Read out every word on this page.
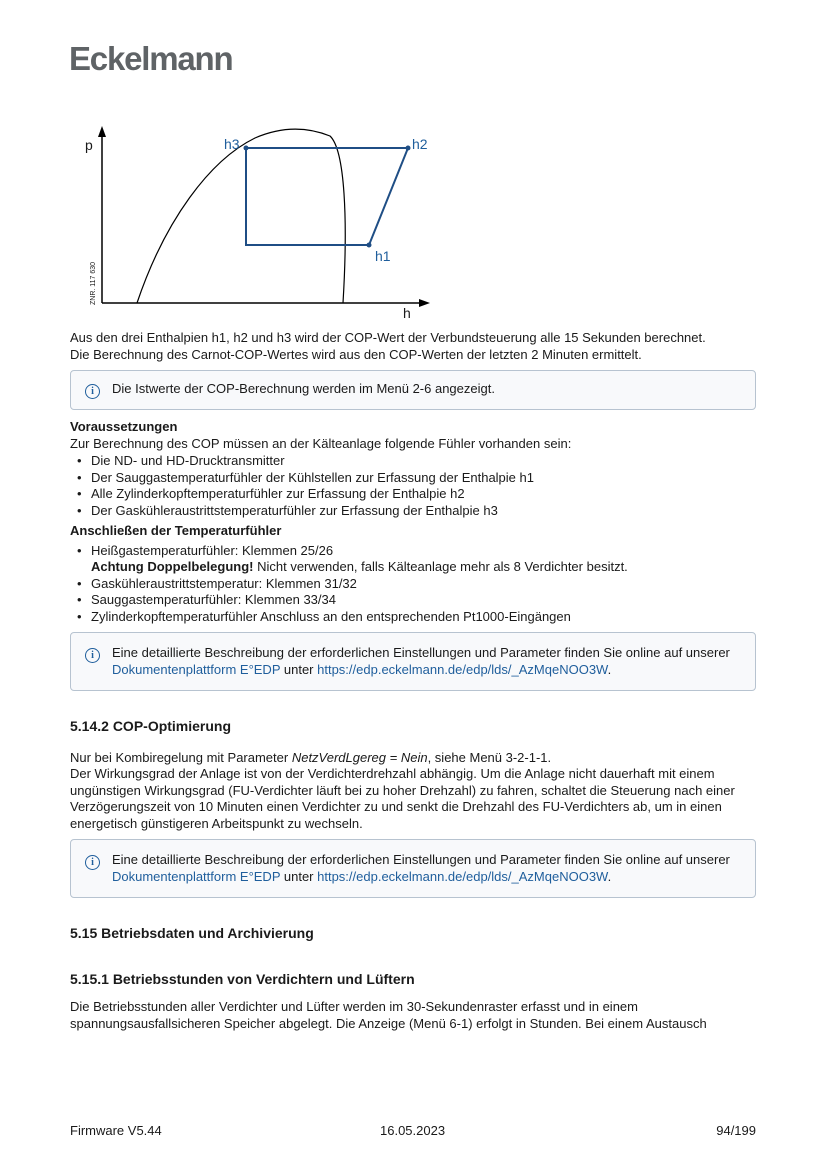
Eckelmann
p
h
h3	h2
h1
ZNR. 117 630

Aus den drei Enthalpien h1, h2 und h3 wird der COP-Wert der Verbundsteuerung alle 15 Sekunden berechnet.

Die Berechnung des Carnot-COP-Wertes wird aus den COP-Werten der letzten 2 Minuten ermittelt.

i	Die Istwerte der COP-Berechnung werden im Menü 2-6 angezeigt.

Voraussetzungen

Zur Berechnung des COP müssen an der Kälteanlage folgende Fühler vorhanden sein:

• Die ND- und HD-Drucktransmitter
• Der Sauggastemperaturfühler der Kühlstellen zur Erfassung der Enthalpie h1
• Alle Zylinderkopftemperaturfühler zur Erfassung der Enthalpie h2
• Der Gaskühleraustrittstemperaturfühler zur Erfassung der Enthalpie h3

Anschließen der Temperaturfühler

• Heißgastemperaturfühler: Klemmen 25/26
Achtung Doppelbelegung! Nicht verwenden, falls Kälteanlage mehr als 8 Verdichter besitzt.
• Gaskühleraustrittstemperatur: Klemmen 31/32
• Sauggastemperaturfühler: Klemmen 33/34
• Zylinderkopftemperaturfühler Anschluss an den entsprechenden Pt1000-Eingängen
i	Eine detaillierte Beschreibung der erforderlichen Einstellungen und Parameter finden Sie online auf unserer Dokumentenplattform E°EDP unter https://edp.eckelmann.de/edp/lds/_AzMqeNOO3W.
5.14.2 COP-Optimierung

Nur bei Kombiregelung mit Parameter NetzVerdLgereg = Nein, siehe Menü 3-2-1-1.

Der Wirkungsgrad der Anlage ist von der Verdichterdrehzahl abhängig. Um die Anlage nicht dauerhaft mit einem ungünstigen Wirkungsgrad (FU-Verdichter läuft bei zu hoher Drehzahl) zu fahren, schaltet die Steuerung nach einer Verzögerungszeit von 10 Minuten einen Verdichter zu und senkt die Drehzahl des FU-Verdichters ab, um in einen energetisch günstigeren Arbeitspunkt zu wechseln.

i	Eine detaillierte Beschreibung der erforderlichen Einstellungen und Parameter finden Sie online auf unserer Dokumentenplattform E°EDP unter https://edp.eckelmann.de/edp/lds/_AzMqeNOO3W.
5.15 Betriebsdaten und Archivierung
5.15.1 Betriebsstunden von Verdichtern und Lüftern

Die Betriebsstunden aller Verdichter und Lüfter werden im 30-Sekundenraster erfasst und in einem spannungsausfallsicheren Speicher abgelegt. Die Anzeige (Menü 6-1) erfolgt in Stunden. Bei einem Austausch

Firmware V5.44	16.05.2023	94/199
